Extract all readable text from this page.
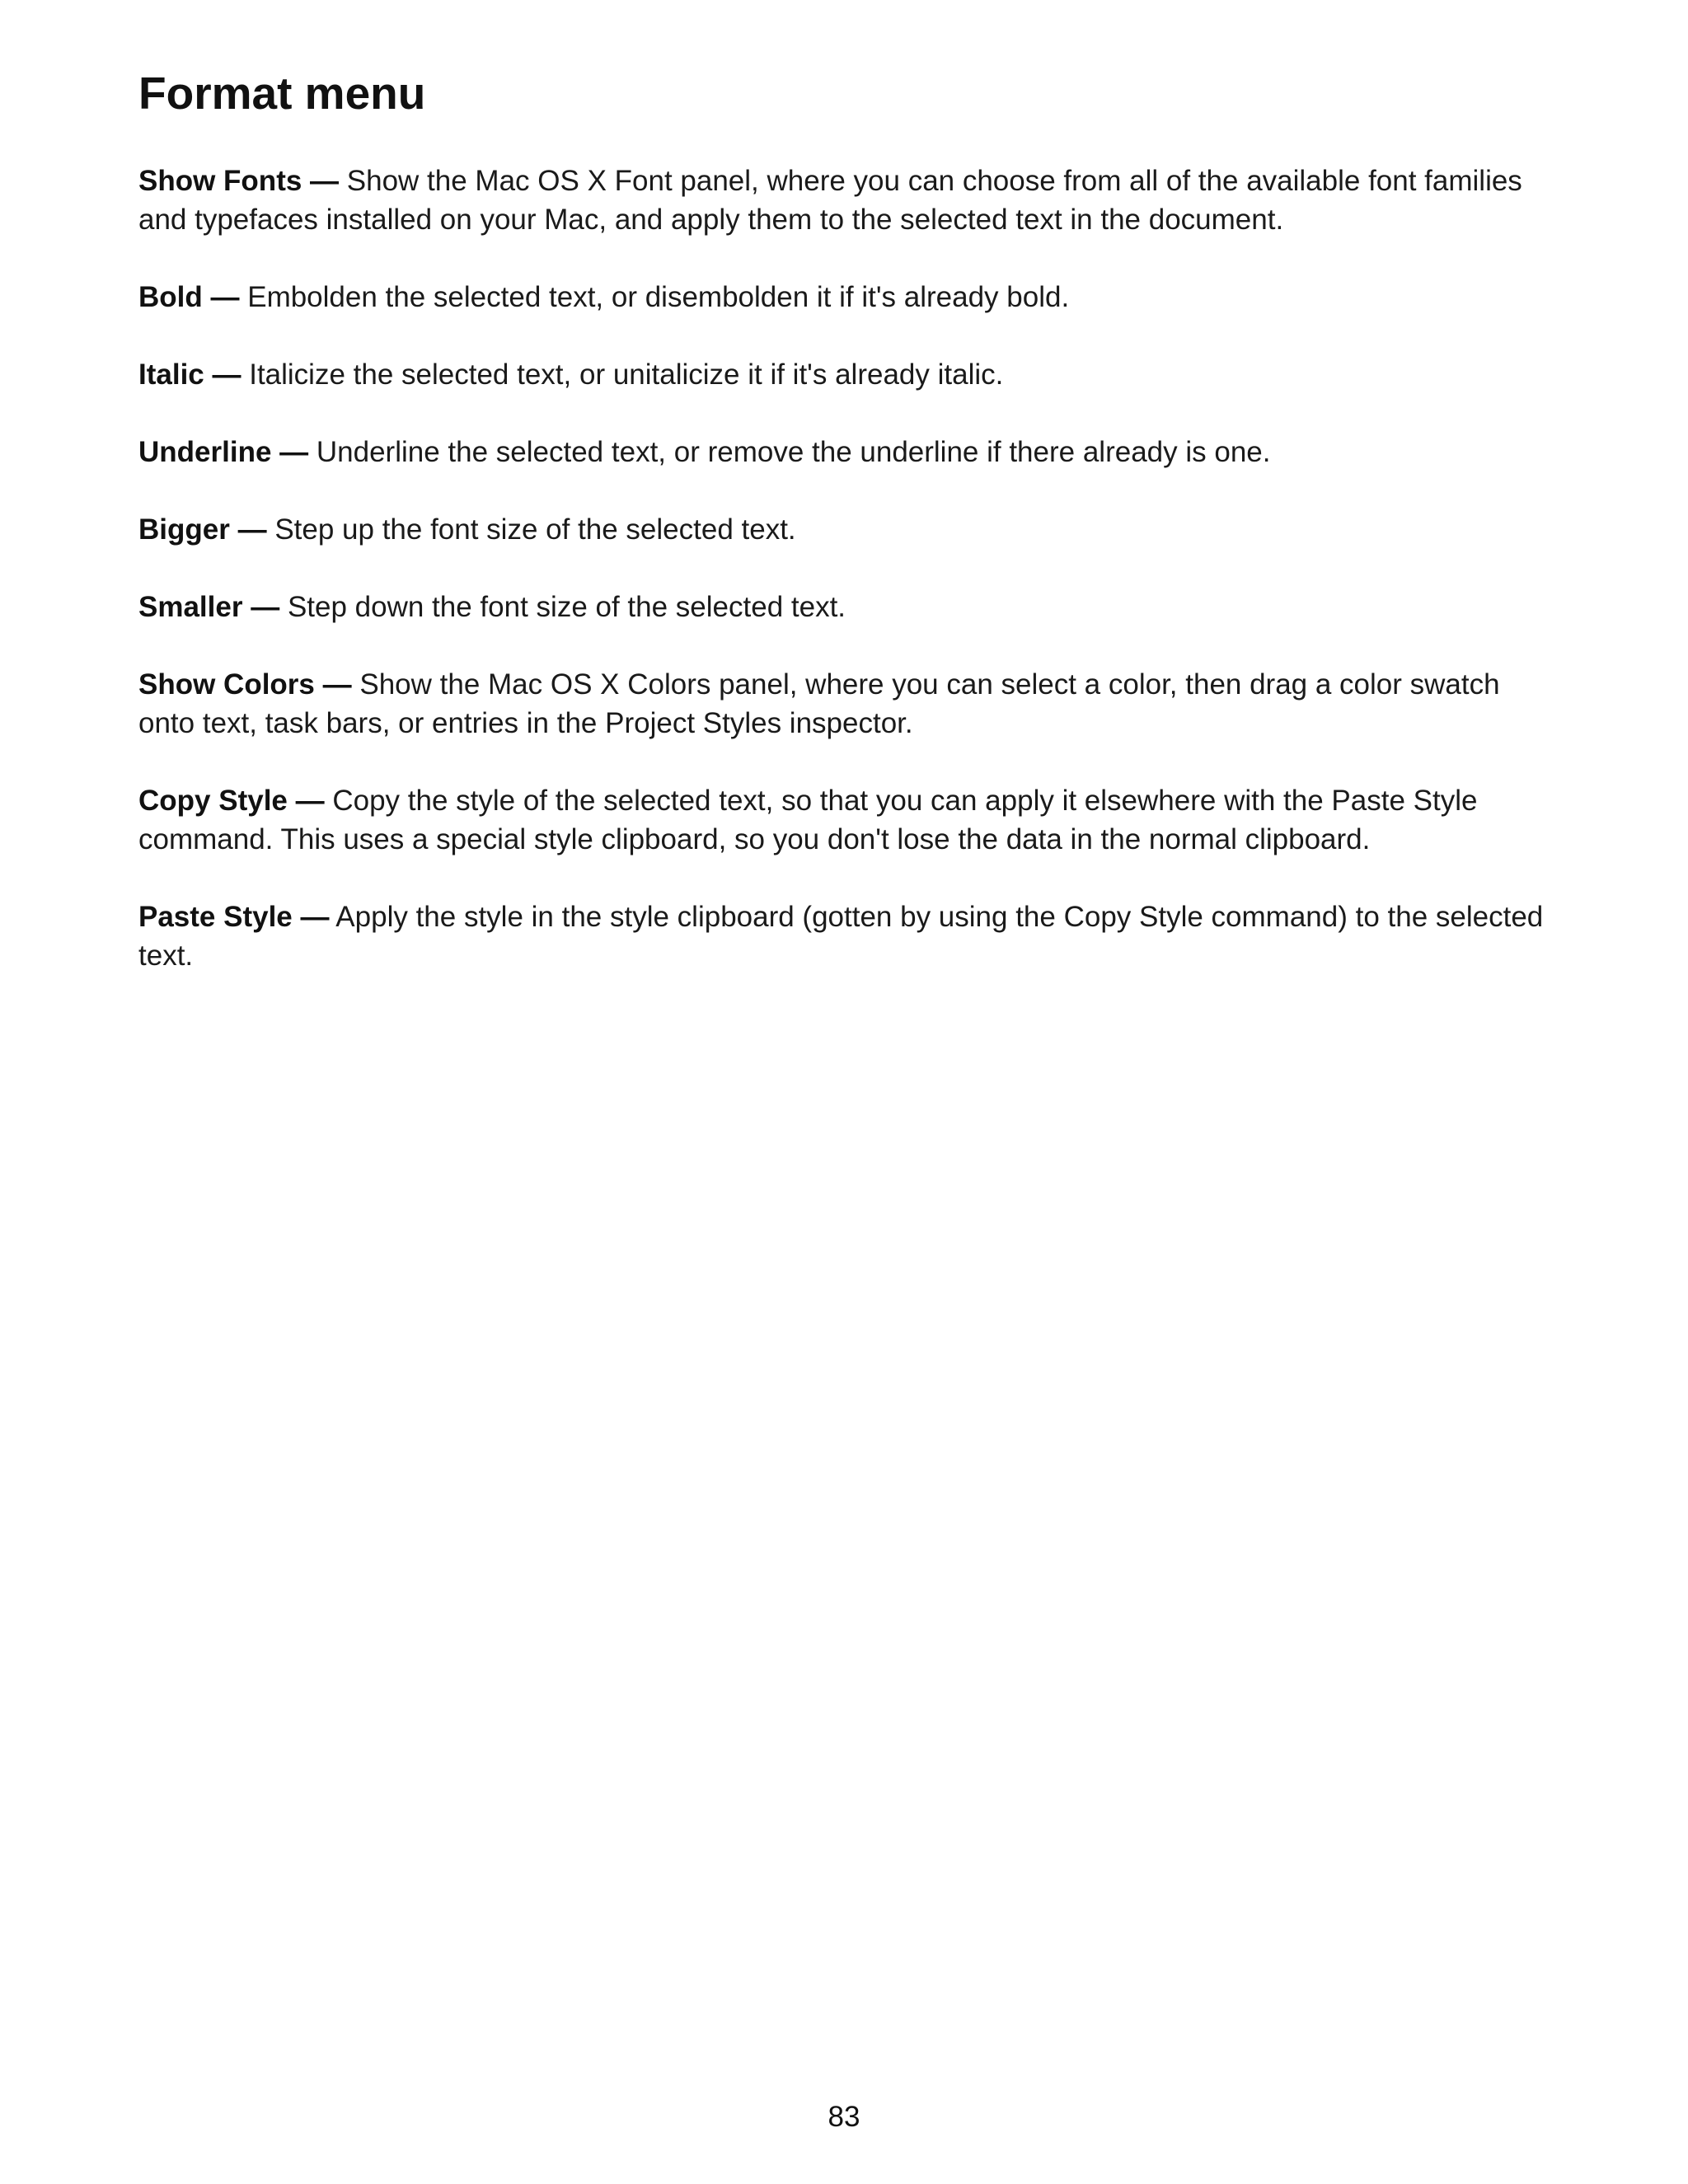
Format menu

Show Fonts — Show the Mac OS X Font panel, where you can choose from all of the available font families and typefaces installed on your Mac, and apply them to the selected text in the document.

Bold — Embolden the selected text, or disembolden it if it's already bold.

Italic — Italicize the selected text, or unitalicize it if it's already italic.

Underline — Underline the selected text, or remove the underline if there already is one.

Bigger — Step up the font size of the selected text.

Smaller — Step down the font size of the selected text.

Show Colors — Show the Mac OS X Colors panel, where you can select a color, then drag a color swatch onto text, task bars, or entries in the Project Styles inspector.

Copy Style — Copy the style of the selected text, so that you can apply it elsewhere with the Paste Style command. This uses a special style clipboard, so you don't lose the data in the normal clipboard.

Paste Style — Apply the style in the style clipboard (gotten by using the Copy Style command) to the selected text.

83
